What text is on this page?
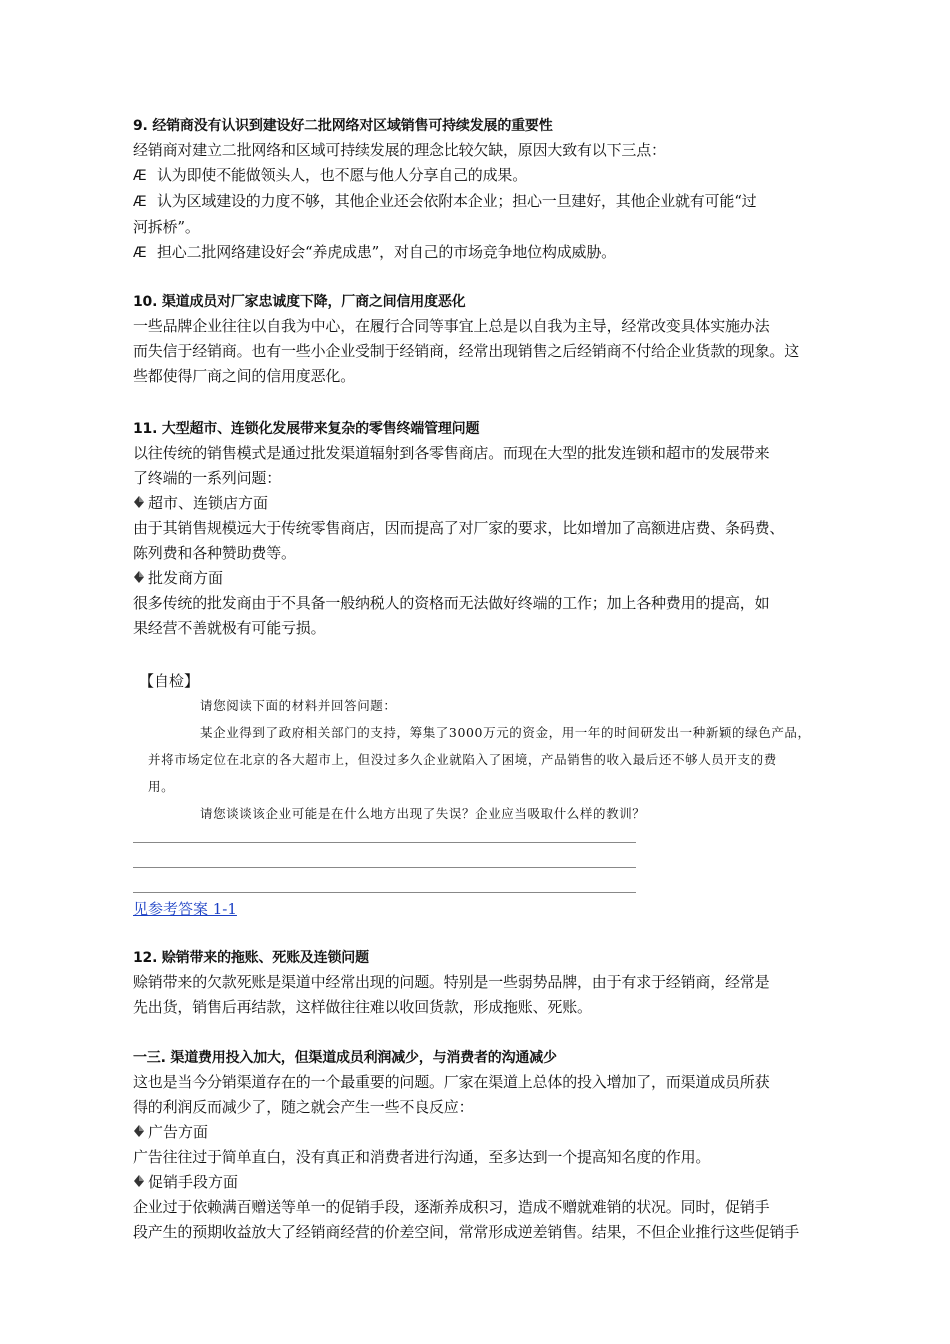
9. 经销商没有认识到建设好二批网络对区域销售可持续发展的重要性
经销商对建立二批网络和区域可持续发展的理念比较欠缺，原因大致有以下三点：
Æ 认为即使不能做领头人，也不愿与他人分享自己的成果。
Æ 认为区域建设的力度不够，其他企业还会依附本企业；担心一旦建好，其他企业就有可能“过
河拆桥”。
Æ 担心二批网络建设好会“养虎成患”，对自己的市场竞争地位构成威胁。
10. 渠道成员对厂家忠诚度下降，厂商之间信用度恶化
一些品牌企业往往以自我为中心，在履行合同等事宜上总是以自我为主导，经常改变具体实施办法
而失信于经销商。也有一些小企业受制于经销商，经常出现销售之后经销商不付给企业货款的现象。这
些都使得厂商之间的信用度恶化。
11. 大型超市、连锁化发展带来复杂的零售终端管理问题
以往传统的销售模式是通过批发渠道辐射到各零售商店。而现在大型的批发连锁和超市的发展带来
了终端的一系列问题：
超市、连锁店方面
由于其销售规模远大于传统零售商店，因而提高了对厂家的要求，比如增加了高额进店费、条码费、
陈列费和各种赞助费等。
批发商方面
很多传统的批发商由于不具备一般纳税人的资格而无法做好终端的工作；加上各种费用的提高，如
果经营不善就极有可能亏损。
【自检】
请您阅读下面的材料并回答问题：
某企业得到了政府相关部门的支持，筹集了3000万元的资金，用一年的时间研发出一种新颖的绿色产品，
并将市场定位在北京的各大超市上，但没过多久企业就陷入了困境，产品销售的收入最后还不够人员开支的费
用。
请您谈谈该企业可能是在什么地方出现了失误？企业应当吸取什么样的教训？
见参考答案 1-1
12. 赊销带来的拖账、死账及连锁问题
赊销带来的欠款死账是渠道中经常出现的问题。特别是一些弱势品牌，由于有求于经销商，经常是
先出货，销售后再结款，这样做往往难以收回货款，形成拖账、死账。
一三. 渠道费用投入加大，但渠道成员利润减少，与消费者的沟通减少
这也是当今分销渠道存在的一个最重要的问题。厂家在渠道上总体的投入增加了，而渠道成员所获
得的利润反而减少了，随之就会产生一些不良反应：
广告方面
广告往往过于简单直白，没有真正和消费者进行沟通，至多达到一个提高知名度的作用。
促销手段方面
企业过于依赖满百赠送等单一的促销手段，逐渐养成积习，造成不赠就难销的状况。同时，促销手
段产生的预期收益放大了经销商经营的价差空间，常常形成逆差销售。结果，不但企业推行这些促销手
